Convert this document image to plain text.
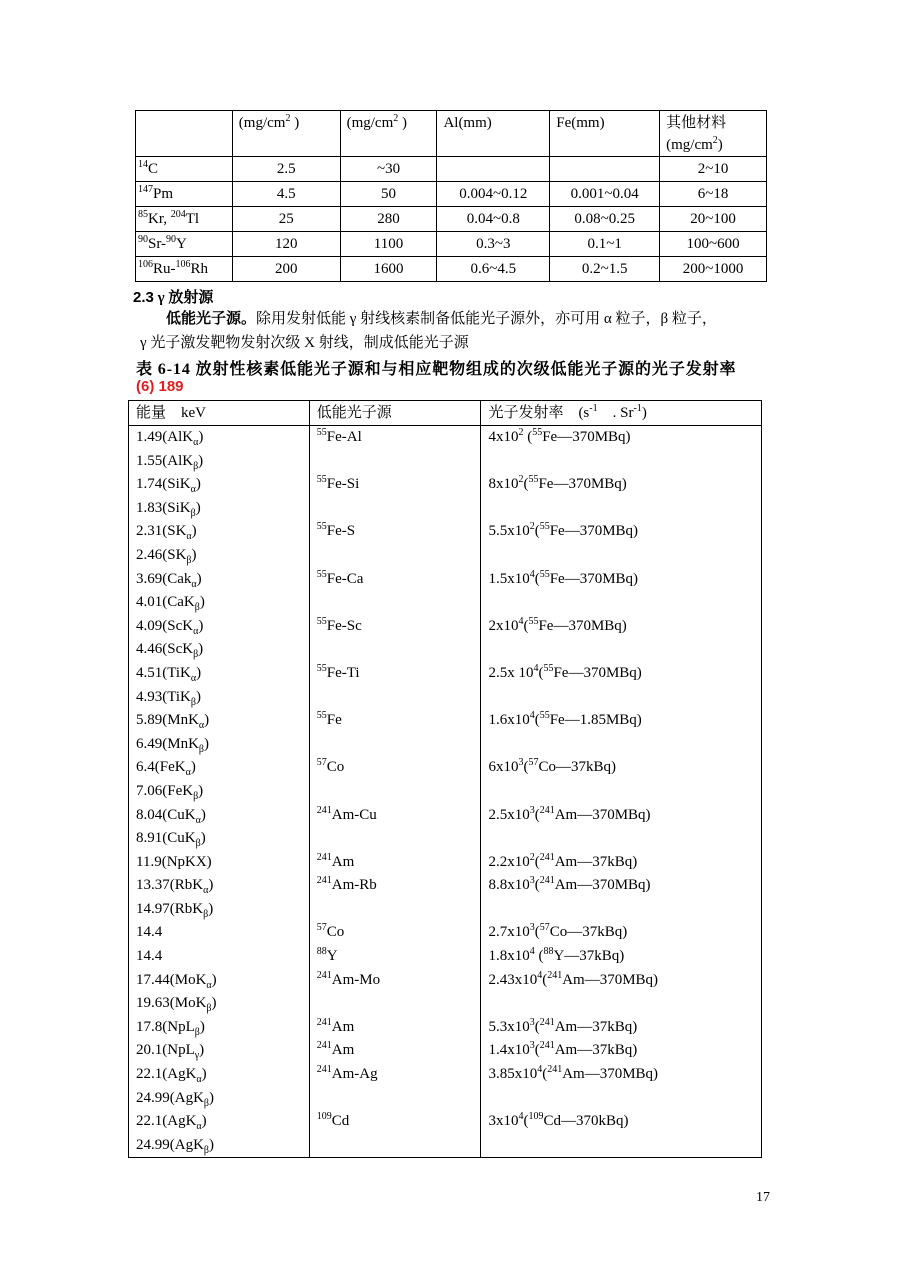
	($mg/cm^2$ )	($mg/cm^2$ )	Al(mm)	Fe(mm)	其他材料
$(mg/cm^2)$
$^{14}$C	2.5	~30			2~10
$^{147}$Pm	4.5	50	0.004~0.12	0.001~0.04	6~18
$^{85}$Kr, $^{204}$Tl	25	280	0.04~0.8	0.08~0.25	20~100
$^{90}$Sr-$^{90}$Y	120	1100	0.3~3	0.1~1	100~600
$^{106}$Ru-$^{106}$Rh	200	1600	0.6~4.5	0.2~1.5	200~1000
2.3 γ 放射源
低能光子源。除用发射低能 γ 射线核素制备低能光子源外，亦可用 α 粒子，β 粒子，
γ 光子激发靶物发射次级 X 射线，制成低能光子源
表 6-14 放射性核素低能光子源和与相应靶物组成的次级低能光子源的光子发射率
(6) 189
能量　keV	低能光子源	光子发射率　($s^{-1}$　. $Sr^{-1}$)
1.49(AlK$_\alpha$)	$^{55}$Fe-Al	$4x10^2$ ($^{55}$Fe—370MBq)
1.55(AlK$_\beta$)		
1.74(SiK$_\alpha$)	$^{55}$Fe-Si	$8x10^2(^{55}Fe—370MBq)$
1.83(SiK$_\beta$)		
$2.31(SK_\alpha)$	$^{55}$Fe-S	$5.5x10^2(^{55}Fe—370MBq)$
$2.46(SK_\beta)$		
3.69(Cak$_\alpha$)	$^{55}$Fe-Ca	$1.5x10^4(^{55}Fe—370MBq)$
4.01(CaK$_\beta$)		
4.09(ScK$_\alpha$)	$^{55}$Fe-Sc	$2x10^4(^{55}Fe—370MBq)$
4.46(ScK$_\beta$)		
4.51(TiK$_\alpha$)	$^{55}$Fe-Ti	2.5x $10^4(^{55}Fe—370MBq)$
4.93(TiK$_\beta$)		
5.89(MnK$_\alpha$)	$^{55}$Fe	$1.6x10^4(^{55}Fe—1.85MBq)$
6.49(MnK$_\beta$)		
6.4(FeK$_\alpha$)	$^{57}$Co	$6x10^3(^{57}Co—37kBq)$
7.06(FeK$_\beta$)		
8.04(CuK$_\alpha$)	$^{241}$Am-Cu	$2.5x10^3(^{241}Am—370MBq)$
8.91(CuK$_\beta$)		
11.9(NpKX)	$^{241}$Am	$2.2x10^2(^{241}Am—37kBq)$
13.37(RbK$_\alpha$)	$^{241}$Am-Rb	$8.8x10^3(^{241}Am—370MBq)$
14.97(RbK$_\beta$)		
14.4	$^{57}$Co	$2.7x10^3(^{57}Co—37kBq)$
14.4	$^{88}$Y	$1.8x10^4$ ($^{88}$Y—37kBq)
17.44(MoK$_\alpha$)	$^{241}$Am-Mo	$2.43x10^4(^{241}Am—370MBq)$
19.63(MoK$_\beta$)		
17.8(NpL$_\beta$)	$^{241}$Am	$5.3x10^3(^{241}Am—37kBq)$
20.1(NpL$_\gamma$)	$^{241}$Am	$1.4x10^3(^{241}Am—37kBq)$
22.1(AgK$_\alpha$)	$^{241}$Am-Ag	$3.85x10^4(^{241}Am—370MBq)$
24.99(AgK$_\beta$)		
22.1(AgK$_\alpha$)	$^{109}$Cd	$3x10^4(^{109}Cd—370kBq)$
24.99(AgK$_\beta$)		
17
